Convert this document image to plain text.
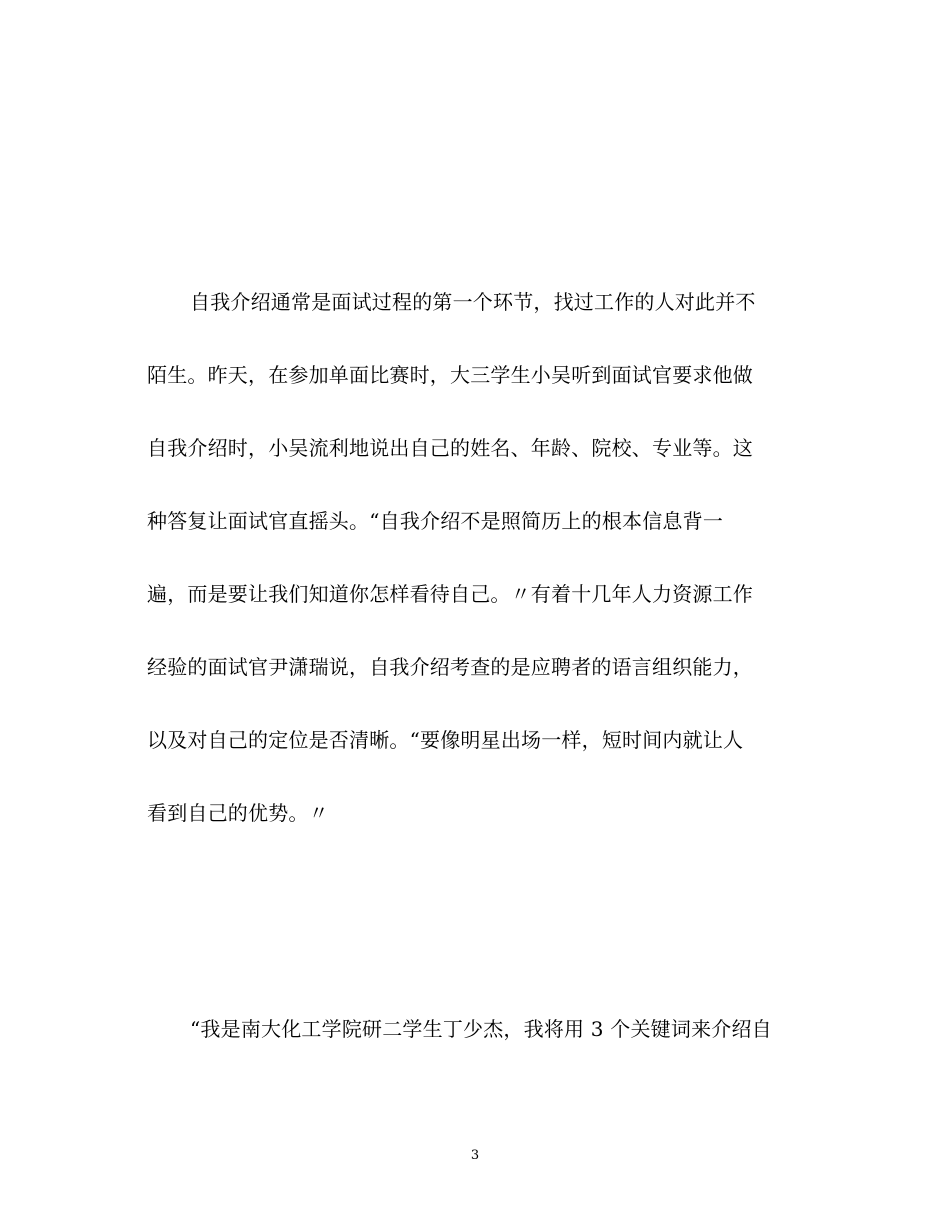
自我介绍通常是面试过程的第一个环节，找过工作的人对此并不
陌生。昨天，在参加单面比赛时，大三学生小吴听到面试官要求他做
自我介绍时，小吴流利地说出自己的姓名、年龄、院校、专业等。这
种答复让面试官直摇头。“自我介绍不是照简历上的根本信息背一
遍，而是要让我们知道你怎样看待自己。〃有着十几年人力资源工作
经验的面试官尹潇瑞说，自我介绍考查的是应聘者的语言组织能力，
以及对自己的定位是否清晰。“要像明星出场一样，短时间内就让人
看到自己的优势。〃
“我是南大化工学院研二学生丁少杰，我将用 3 个关键词来介绍自
3
